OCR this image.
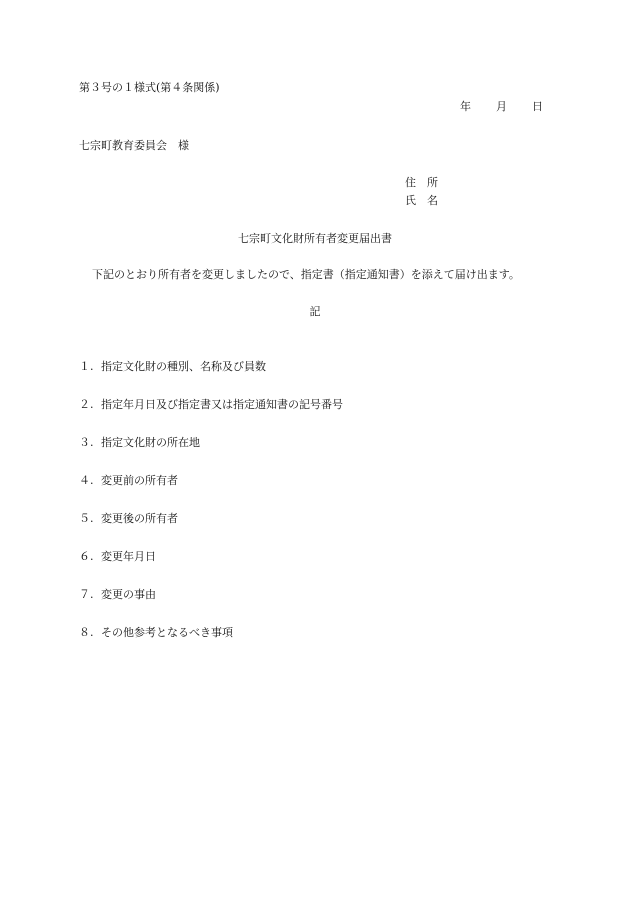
第３号の１様式(第４条関係)
年 月 日
七宗町教育委員会　様
住　所
氏　名
七宗町文化財所有者変更届出書
下記のとおり所有者を変更しましたので、指定書（指定通知書）を添えて届け出ます。
記
１. 指定文化財の種別、名称及び員数
２. 指定年月日及び指定書又は指定通知書の記号番号
３. 指定文化財の所在地
４. 変更前の所有者
５. 変更後の所有者
６. 変更年月日
７. 変更の事由
８. その他参考となるべき事項
